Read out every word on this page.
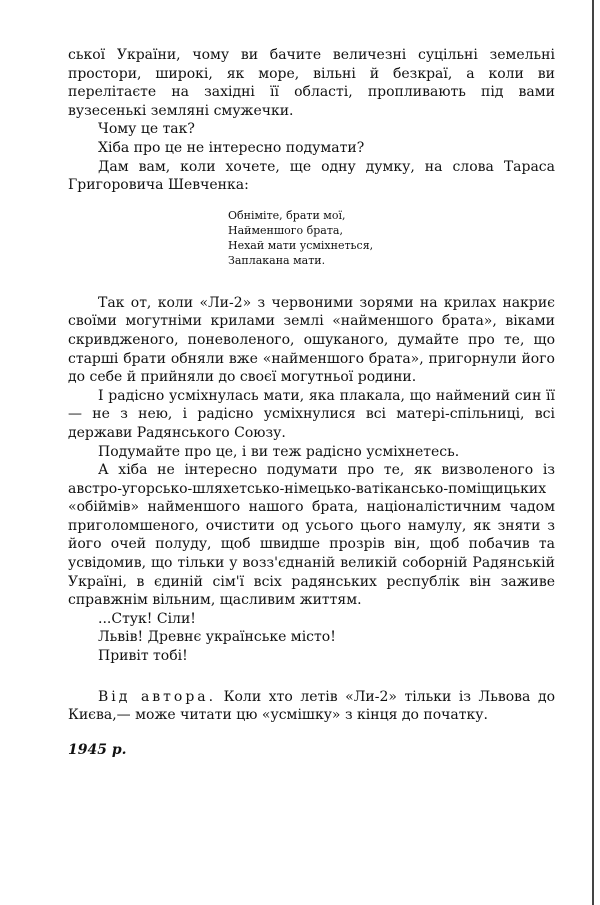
ської України, чому ви бачите величезні суцільні земельні простори, широкі, як море, вільні й безкраї, а коли ви перелітаєте на західні її області, пропливають під вами вузесенькі земляні смужечки.

Чому це так?

Хіба про це не інтересно подумати?

Дам вам, коли хочете, ще одну думку, на слова Тараса Григоровича Шевченка:

Обніміте, брати мої,
Найменшого брата,
Нехай мати усміхнеться,
Заплакана мати.

Так от, коли «Ли-2» з червоними зорями на крилах накриє своїми могутніми крилами землі «найменшого брата», віками скривдженого, поневоленого, ошуканого, думайте про те, що старші брати обняли вже «найменшого брата», пригорнули його до себе й прийняли до своєї могутньої родини.

І радісно усміхнулась мати, яка плакала, що наймений син її — не з нею, і радісно усміхнулися всі матері-спільниці, всі держави Радянського Союзу.

Подумайте про це, і ви теж радісно усміхнетесь.

А хіба не інтересно подумати про те, як визволеного із австро-угорсько-шляхетсько-німецько-ватіканськo-поміщицьких «обіймів» найменшого нашого брата, націоналістичним чадом приголомшеного, очистити од усього цього намулу, як зняти з його очей полуду, щоб швидше прозрів він, щоб побачив та усвідомив, що тільки у возз'єднаній великій соборній Радянській Україні, в єдиній сім'ї всіх радянських республік він заживе справжнім вільним, щасливим життям.

...Стук! Сіли!

Львів! Древнє українське місто!

Привіт тобі!

Від автора. Коли хто летів «Ли-2» тільки із Львова до Києва,— може читати цю «усмішку» з кінця до початку.

1945 р.
